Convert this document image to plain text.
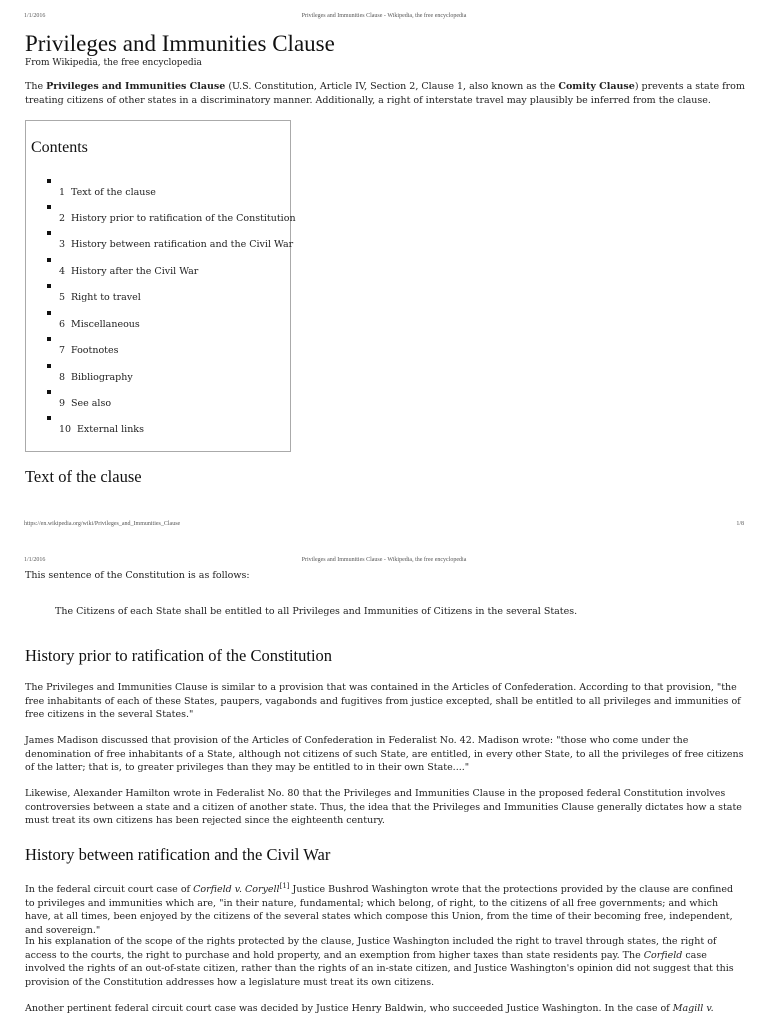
1/1/2016	Privileges and Immunities Clause - Wikipedia, the free encyclopedia
Privileges and Immunities Clause
From Wikipedia, the free encyclopedia

The Privileges and Immunities Clause (U.S. Constitution, Article IV, Section 2, Clause 1, also known as the Comity Clause) prevents a state from treating citizens of other states in a discriminatory manner. Additionally, a right of interstate travel may plausibly be inferred from the clause.

Contents
1 Text of the clause
2 History prior to ratification of the Constitution
3 History between ratification and the Civil War
4 History after the Civil War
5 Right to travel
6 Miscellaneous
7 Footnotes
8 Bibliography
9 See also
10 External links
Text of the clause
https://en.wikipedia.org/wiki/Privileges_and_Immunities_Clause	1/8
1/1/2016	Privileges and Immunities Clause - Wikipedia, the free encyclopedia

This sentence of the Constitution is as follows:

The Citizens of each State shall be entitled to all Privileges and Immunities of Citizens in the several States.
History prior to ratification of the Constitution

The Privileges and Immunities Clause is similar to a provision that was contained in the Articles of Confederation. According to that provision, "the free inhabitants of each of these States, paupers, vagabonds and fugitives from justice excepted, shall be entitled to all privileges and immunities of free citizens in the several States."

James Madison discussed that provision of the Articles of Confederation in Federalist No. 42. Madison wrote: "those who come under the denomination of free inhabitants of a State, although not citizens of such State, are entitled, in every other State, to all the privileges of free citizens of the latter; that is, to greater privileges than they may be entitled to in their own State...."

Likewise, Alexander Hamilton wrote in Federalist No. 80 that the Privileges and Immunities Clause in the proposed federal Constitution involves controversies between a state and a citizen of another state. Thus, the idea that the Privileges and Immunities Clause generally dictates how a state must treat its own citizens has been rejected since the eighteenth century.

History between ratification and the Civil War

In the federal circuit court case of Corfield v. Coryell[1] Justice Bushrod Washington wrote that the protections provided by the clause are confined to privileges and immunities which are, "in their nature, fundamental; which belong, of right, to the citizens of all free governments; and which have, at all times, been enjoyed by the citizens of the several states which compose this Union, from the time of their becoming free, independent, and sovereign."

In his explanation of the scope of the rights protected by the clause, Justice Washington included the right to travel through states, the right of access to the courts, the right to purchase and hold property, and an exemption from higher taxes than state residents pay. The Corfield case involved the rights of an out-of-state citizen, rather than the rights of an in-state citizen, and Justice Washington's opinion did not suggest that this provision of the Constitution addresses how a legislature must treat its own citizens.

Another pertinent federal circuit court case was decided by Justice Henry Baldwin, who succeeded Justice Washington. In the case of Magill v.
